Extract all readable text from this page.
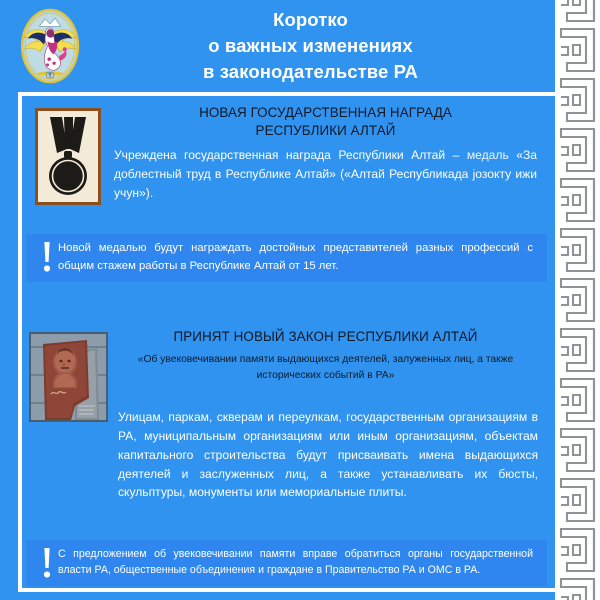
Коротко
о важных изменениях
в законодательстве РА
НОВАЯ ГОСУДАРСТВЕННАЯ НАГРАДА
РЕСПУБЛИКИ АЛТАЙ

Учреждена государственная награда Республики Алтай – медаль «За доблестный труд в Республике Алтай» («Алтай Республикада jозокту ижи учун»).

Новой медалью будут награждать достойных представителей разных профессий с общим стажем работы в Республике Алтай от 15 лет.
ПРИНЯТ НОВЫЙ ЗАКОН РЕСПУБЛИКИ АЛТАЙ
«Об увековечивании памяти выдающихся деятелей, залуженных лиц, а также исторических событий в РА»

Улицам, паркам, скверам и переулкам, государственным организациям в РА, муниципальным организациям или иным организациям, объектам капитального строительства будут присваивать имена выдающихся деятелей и заслуженных лиц, а также устанавливать их бюсты, скульптуры, монументы или мемориальные плиты.

С предложением об увековечивании памяти вправе обратиться органы государственной власти РА, общественные объединения и граждане в Правительство РА и ОМС в РА.
